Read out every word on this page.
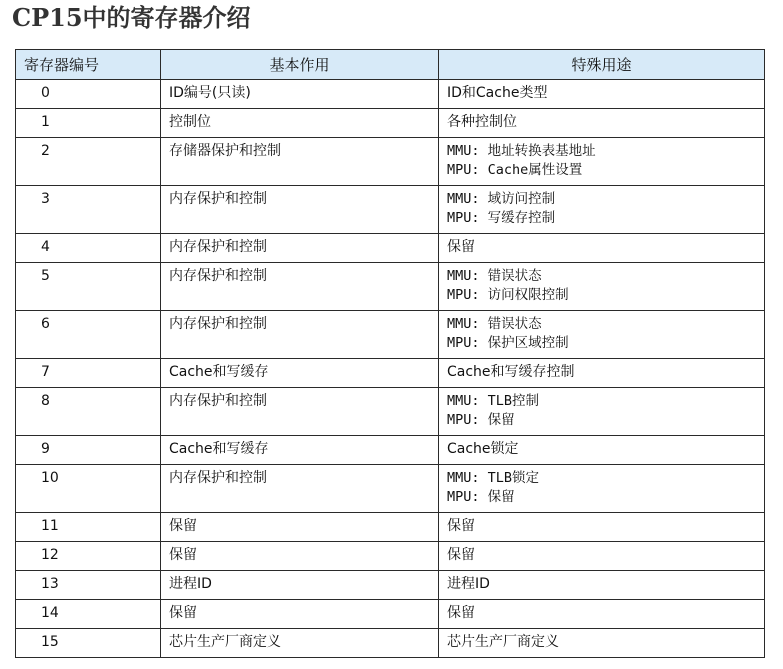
CP15中的寄存器介绍
寄存器编号	基本作用	特殊用途
0	ID编号(只读)	ID和Cache类型

1	控制位	各种控制位

2	存储器保护和控制	MMU: 地址转换表基地址
MPU: Cache属性设置

3	内存保护和控制	MMU: 域访问控制
MPU: 写缓存控制

4	内存保护和控制	保留

5	内存保护和控制	MMU: 错误状态
MPU: 访问权限控制

6	内存保护和控制	MMU: 错误状态
MPU: 保护区域控制

7	Cache和写缓存	Cache和写缓存控制

8	内存保护和控制	MMU: TLB控制
MPU: 保留

9	Cache和写缓存	Cache锁定

10	内存保护和控制	MMU: TLB锁定
MPU: 保留

11	保留	保留

12	保留	保留

13	进程ID	进程ID

14	保留	保留

15	芯片生产厂商定义	芯片生产厂商定义
